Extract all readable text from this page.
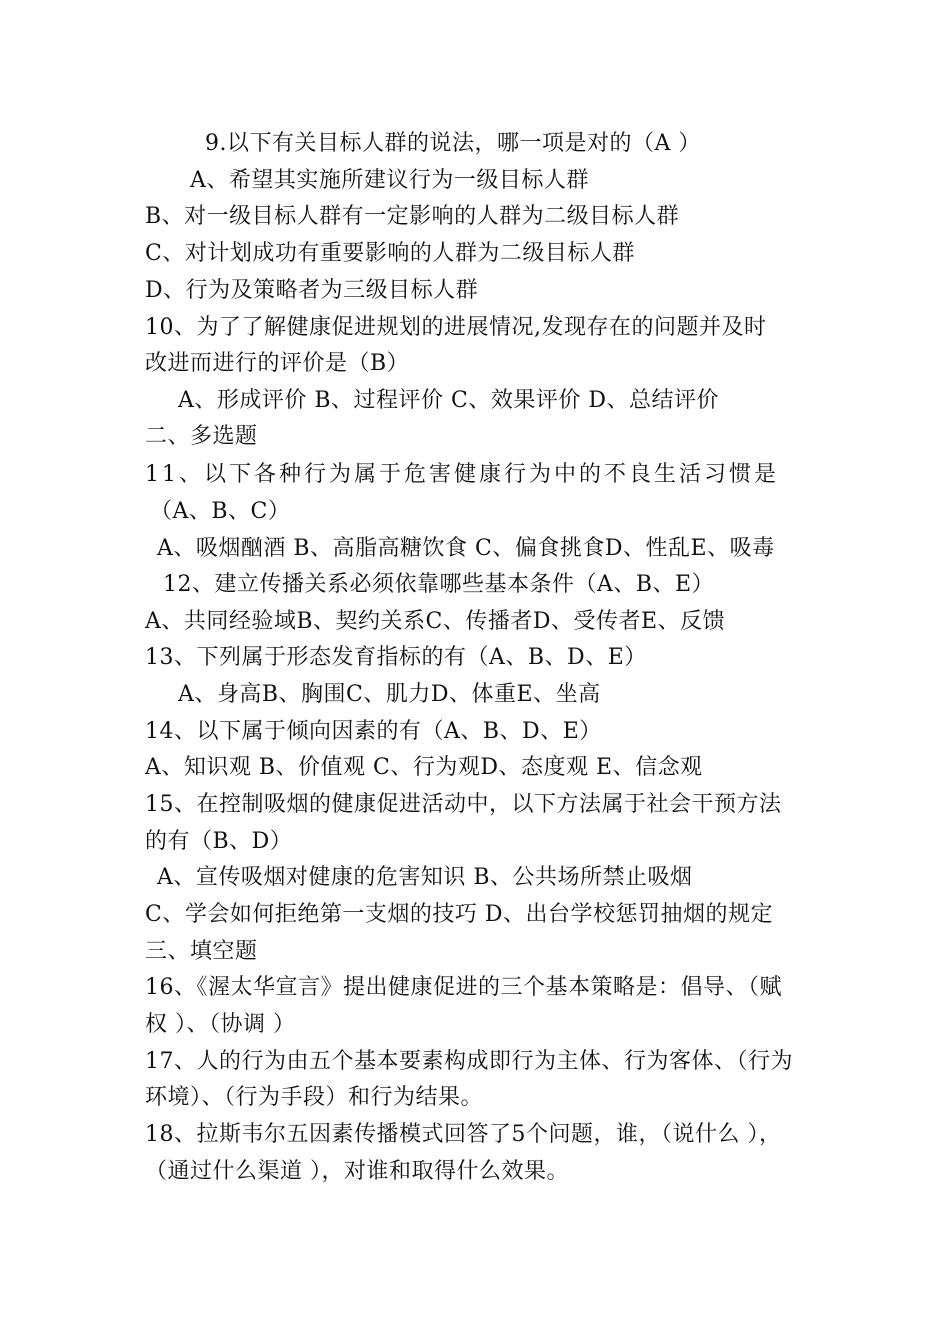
9.以下有关目标人群的说法，哪一项是对的（A ）
A、希望其实施所建议行为一级目标人群
B、对一级目标人群有一定影响的人群为二级目标人群
C、对计划成功有重要影响的人群为二级目标人群
D、行为及策略者为三级目标人群
10、为了了解健康促进规划的进展情况,发现存在的问题并及时
改进而进行的评价是（B）
A、形成评价 B、过程评价 C、效果评价 D、总结评价
二、多选题
11、以下各种行为属于危害健康行为中的不良生活习惯是
（A、B、C）
A、吸烟酗酒 B、高脂高糖饮食 C、偏食挑食D、性乱E、吸毒
12、建立传播关系必须依靠哪些基本条件（A、B、E）
A、共同经验域B、契约关系C、传播者D、受传者E、反馈
13、下列属于形态发育指标的有（A、B、D、E）
A、身高B、胸围C、肌力D、体重E、坐高
14、以下属于倾向因素的有（A、B、D、E）
A、知识观 B、价值观 C、行为观D、态度观 E、信念观
15、在控制吸烟的健康促进活动中，以下方法属于社会干预方法
的有（B、D）
A、宣传吸烟对健康的危害知识 B、公共场所禁止吸烟
C、学会如何拒绝第一支烟的技巧 D、出台学校惩罚抽烟的规定
三、填空题
16、《渥太华宣言》提出健康促进的三个基本策略是：倡导、（赋
权 ）、（协调 ）
17、人的行为由五个基本要素构成即行为主体、行为客体、（行为
环境）、（行为手段）和行为结果。
18、拉斯韦尔五因素传播模式回答了5个问题，谁，（说什么 ），
（通过什么渠道 ），对谁和取得什么效果。
